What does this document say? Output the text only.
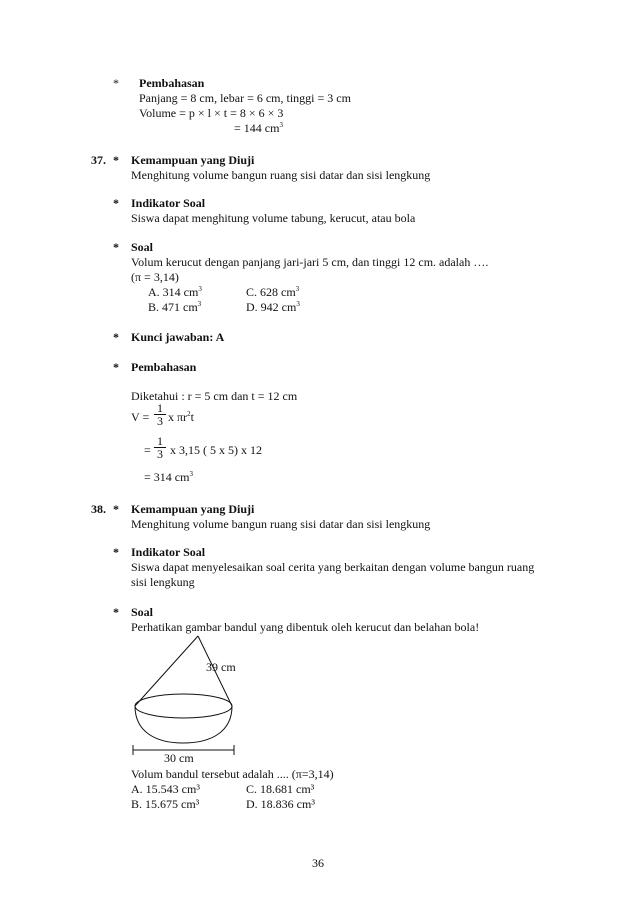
* Pembahasan
Panjang = 8 cm, lebar = 6 cm, tinggi = 3 cm
Volume = p × l × t = 8 × 6 × 3
= 144 $cm^3$
37. * Kemampuan yang Diuji
Menghitung volume bangun ruang sisi datar dan sisi lengkung
* Indikator Soal
Siswa dapat menghitung volume tabung, kerucut, atau bola
* Soal
Volum kerucut dengan panjang jari-jari 5 cm, dan tinggi 12 cm. adalah ….
(π = 3,14)
A. 314 $cm^3$	C. 628 $cm^3$
B. 471 $cm^3$	D. 942 $cm^3$
* Kunci jawaban: A
* Pembahasan
Diketahui : r = 5 cm dan t = 12 cm
$V = \frac{1}{3}$ x $\pi r^2t$
= $\frac{1}{3}$ x 3,15 ( 5 x 5) x 12
= 314 $cm^3$
38. * Kemampuan yang Diuji
Menghitung volume bangun ruang sisi datar dan sisi lengkung
* Indikator Soal
Siswa dapat menyelesaikan soal cerita yang berkaitan dengan volume bangun ruang
sisi lengkung
* Soal
Perhatikan gambar bandul yang dibentuk oleh kerucut dan belahan bola!
39 cm
30 cm
Volum bandul tersebut adalah .... (π=3,14)
A. 15.543 cm³	C. 18.681 cm³
B. 15.675 cm³	D. 18.836 cm³
36
